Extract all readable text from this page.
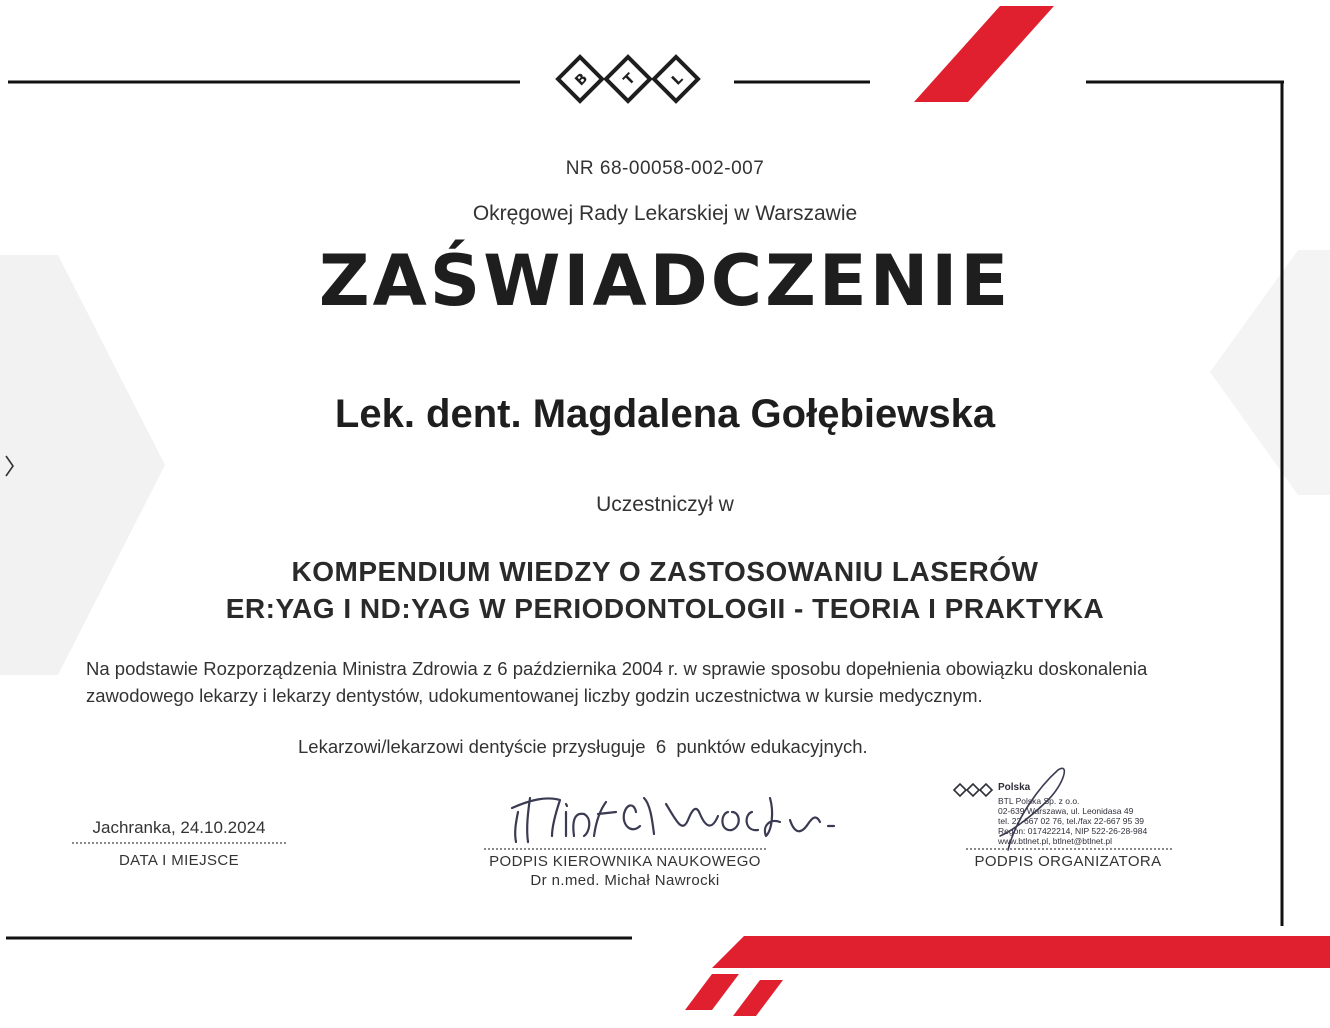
B T L
NR 68-00058-002-007
Okręgowej Rady Lekarskiej w Warszawie
ZAŚWIADCZENIE
Lek. dent. Magdalena Gołębiewska
Uczestniczył w
KOMPENDIUM WIEDZY O ZASTOSOWANIU LASERÓW
ER:YAG I ND:YAG W PERIODONTOLOGII - TEORIA I PRAKTYKA
Na podstawie Rozporządzenia Ministra Zdrowia z 6 października 2004 r. w sprawie sposobu dopełnienia obowiązku doskonalenia zawodowego lekarzy i lekarzy dentystów, udokumentowanej liczby godzin uczestnictwa w kursie medycznym.
Lekarzowi/lekarzowi dentyście przysługuje  6  punktów edukacyjnych.
Jachranka, 24.10.2024
DATA I MIEJSCE	PODPIS KIEROWNIKA NAUKOWEGO
Dr n.med. Michał Nawrocki
Polska
BTL Polska Sp. z o.o.
02-639 Warszawa, ul. Leonidasa 49
tel. 22-667 02 76, tel./fax 22-667 95 39
Regon: 017422214, NIP 522-26-28-984
www.btlnet.pl, btlnet@btlnet.pl
PODPIS ORGANIZATORA
